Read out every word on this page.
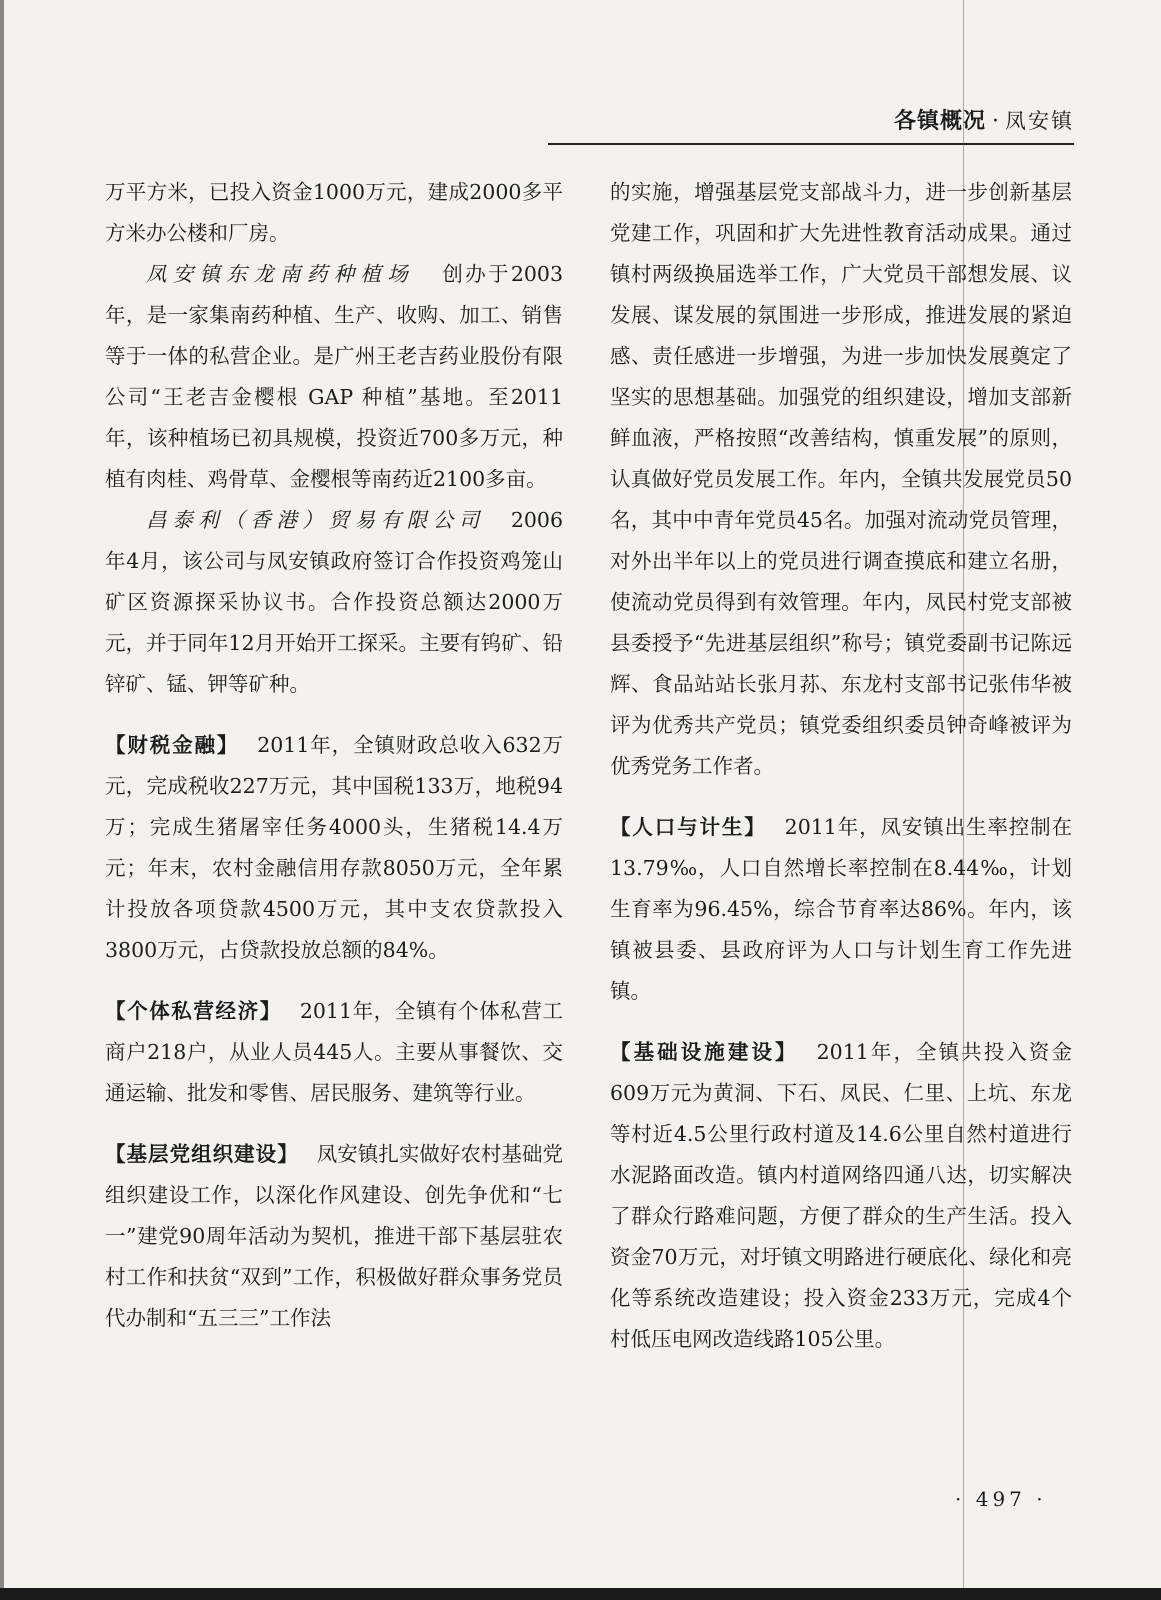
各镇概况 · 凤安镇

万平方米，已投入资金1000万元，建成2000多平方米办公楼和厂房。

凤安镇东龙南药种植场 创办于2003年，是一家集南药种植、生产、收购、加工、销售等于一体的私营企业。是广州王老吉药业股份有限公司“王老吉金樱根 GAP 种植”基地。至2011年，该种植场已初具规模，投资近700多万元，种植有肉桂、鸡骨草、金樱根等南药近2100多亩。

昌泰利（香港）贸易有限公司 2006年4月，该公司与凤安镇政府签订合作投资鸡笼山矿区资源探采协议书。合作投资总额达2000万元，并于同年12月开始开工探采。主要有钨矿、铅锌矿、锰、钾等矿种。

【财税金融】 2011年，全镇财政总收入632万元，完成税收227万元，其中国税133万，地税94万；完成生猪屠宰任务4000头，生猪税14.4万元；年末，农村金融信用存款8050万元，全年累计投放各项贷款4500万元，其中支农贷款投入3800万元，占贷款投放总额的84%。

【个体私营经济】 2011年，全镇有个体私营工商户218户，从业人员445人。主要从事餐饮、交通运输、批发和零售、居民服务、建筑等行业。

【基层党组织建设】 凤安镇扎实做好农村基础党组织建设工作，以深化作风建设、创先争优和“七一”建党90周年活动为契机，推进干部下基层驻农村工作和扶贫“双到”工作，积极做好群众事务党员代办制和“五三三”工作法

的实施，增强基层党支部战斗力，进一步创新基层党建工作，巩固和扩大先进性教育活动成果。通过镇村两级换届选举工作，广大党员干部想发展、议发展、谋发展的氛围进一步形成，推进发展的紧迫感、责任感进一步增强，为进一步加快发展奠定了坚实的思想基础。加强党的组织建设，增加支部新鲜血液，严格按照“改善结构，慎重发展”的原则，认真做好党员发展工作。年内，全镇共发展党员50名，其中中青年党员45名。加强对流动党员管理，对外出半年以上的党员进行调查摸底和建立名册，使流动党员得到有效管理。年内，凤民村党支部被县委授予“先进基层组织”称号；镇党委副书记陈远辉、食品站站长张月荪、东龙村支部书记张伟华被评为优秀共产党员；镇党委组织委员钟奇峰被评为优秀党务工作者。

【人口与计生】 2011年，凤安镇出生率控制在13.79‰，人口自然增长率控制在8.44‰，计划生育率为96.45%，综合节育率达86%。年内，该镇被县委、县政府评为人口与计划生育工作先进镇。

【基础设施建设】 2011年，全镇共投入资金609万元为黄洞、下石、凤民、仁里、上坑、东龙等村近4.5公里行政村道及14.6公里自然村道进行水泥路面改造。镇内村道网络四通八达，切实解决了群众行路难问题，方便了群众的生产生活。投入资金70万元，对圩镇文明路进行硬底化、绿化和亮化等系统改造建设；投入资金233万元，完成4个村低压电网改造线路105公里。

· 497 ·
